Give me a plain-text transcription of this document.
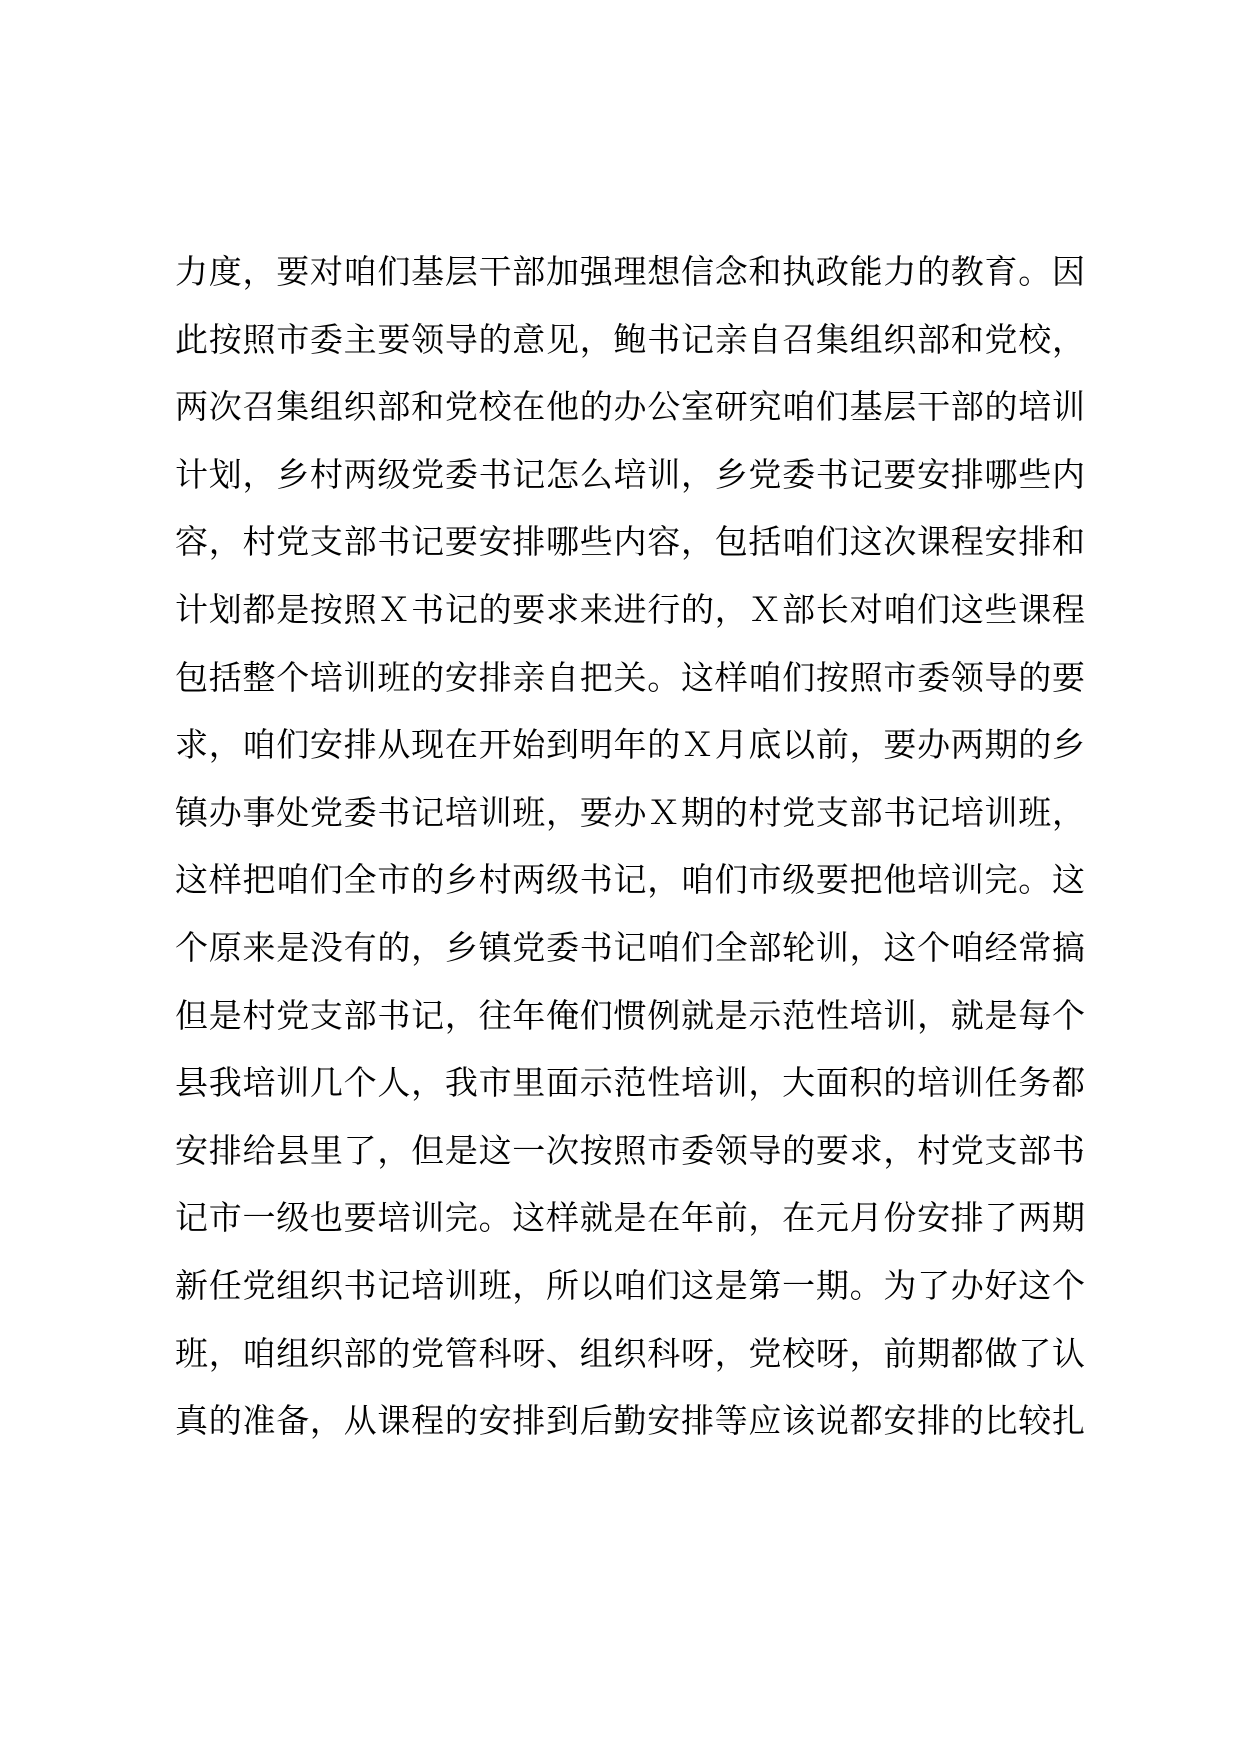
力度，要对咱们基层干部加强理想信念和执政能力的教育。因
此按照市委主要领导的意见，鲍书记亲自召集组织部和党校，
两次召集组织部和党校在他的办公室研究咱们基层干部的培训
计划，乡村两级党委书记怎么培训，乡党委书记要安排哪些内
容，村党支部书记要安排哪些内容，包括咱们这次课程安排和
计划都是按照Ｘ书记的要求来进行的，Ｘ部长对咱们这些课程
包括整个培训班的安排亲自把关。这样咱们按照市委领导的要
求，咱们安排从现在开始到明年的Ｘ月底以前，要办两期的乡
镇办事处党委书记培训班，要办Ｘ期的村党支部书记培训班，
这样把咱们全市的乡村两级书记，咱们市级要把他培训完。这
个原来是没有的，乡镇党委书记咱们全部轮训，这个咱经常搞
但是村党支部书记，往年俺们惯例就是示范性培训，就是每个
县我培训几个人，我市里面示范性培训，大面积的培训任务都
安排给县里了，但是这一次按照市委领导的要求，村党支部书
记市一级也要培训完。这样就是在年前，在元月份安排了两期
新任党组织书记培训班，所以咱们这是第一期。为了办好这个
班，咱组织部的党管科呀、组织科呀，党校呀，前期都做了认
真的准备，从课程的安排到后勤安排等应该说都安排的比较扎
